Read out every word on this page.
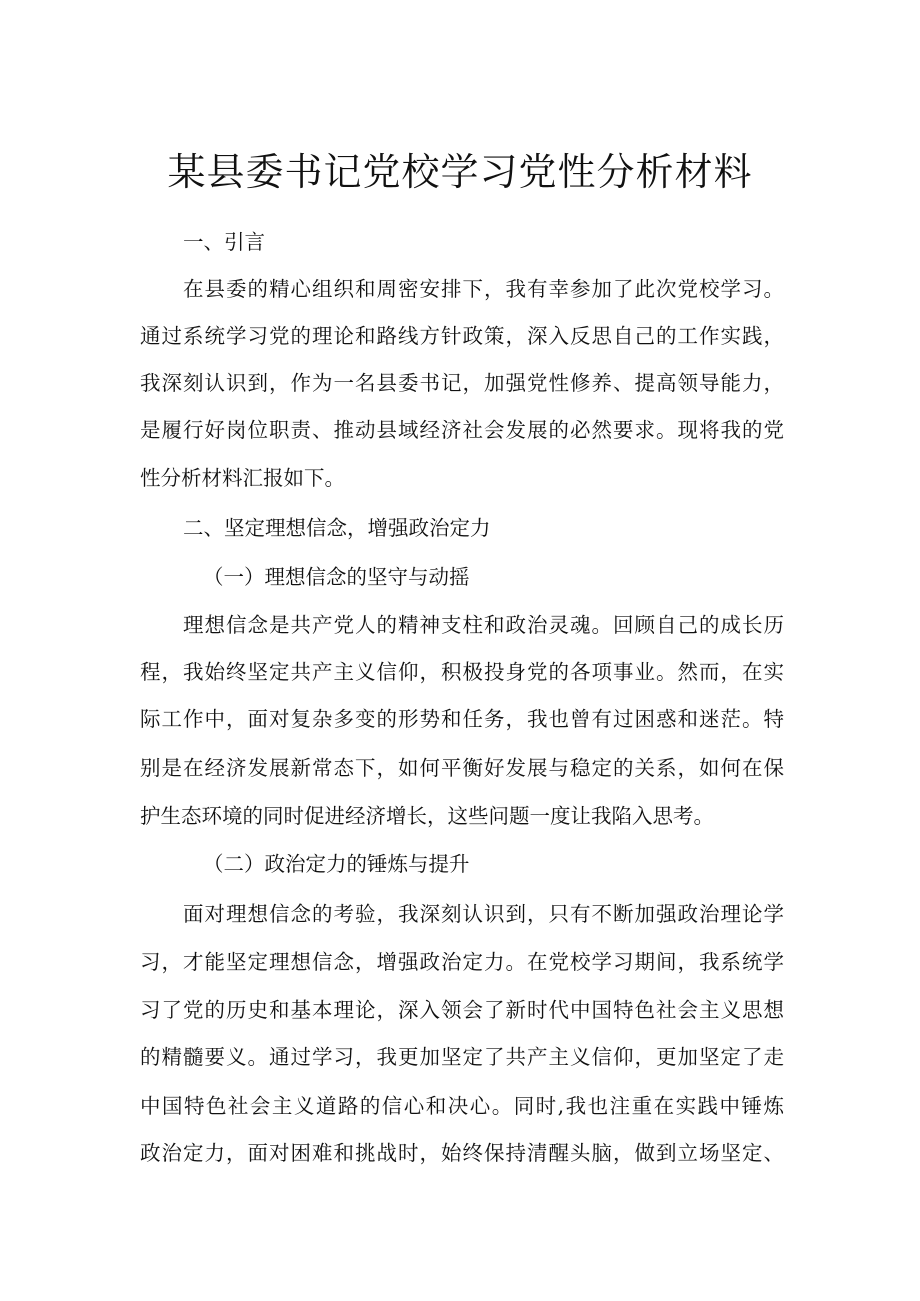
某县委书记党校学习党性分析材料

一、引言

在县委的精心组织和周密安排下，我有幸参加了此次党校学习。

通过系统学习党的理论和路线方针政策，深入反思自己的工作实践，

我深刻认识到，作为一名县委书记，加强党性修养、提高领导能力，

是履行好岗位职责、推动县域经济社会发展的必然要求。现将我的党

性分析材料汇报如下。

二、坚定理想信念，增强政治定力

（一）理想信念的坚守与动摇

理想信念是共产党人的精神支柱和政治灵魂。回顾自己的成长历

程，我始终坚定共产主义信仰，积极投身党的各项事业。然而，在实

际工作中，面对复杂多变的形势和任务，我也曾有过困惑和迷茫。特

别是在经济发展新常态下，如何平衡好发展与稳定的关系，如何在保

护生态环境的同时促进经济增长，这些问题一度让我陷入思考。

（二）政治定力的锤炼与提升

面对理想信念的考验，我深刻认识到，只有不断加强政治理论学

习，才能坚定理想信念，增强政治定力。在党校学习期间，我系统学

习了党的历史和基本理论，深入领会了新时代中国特色社会主义思想

的精髓要义。通过学习，我更加坚定了共产主义信仰，更加坚定了走

中国特色社会主义道路的信心和决心。同时,我也注重在实践中锤炼

政治定力，面对困难和挑战时，始终保持清醒头脑，做到立场坚定、
